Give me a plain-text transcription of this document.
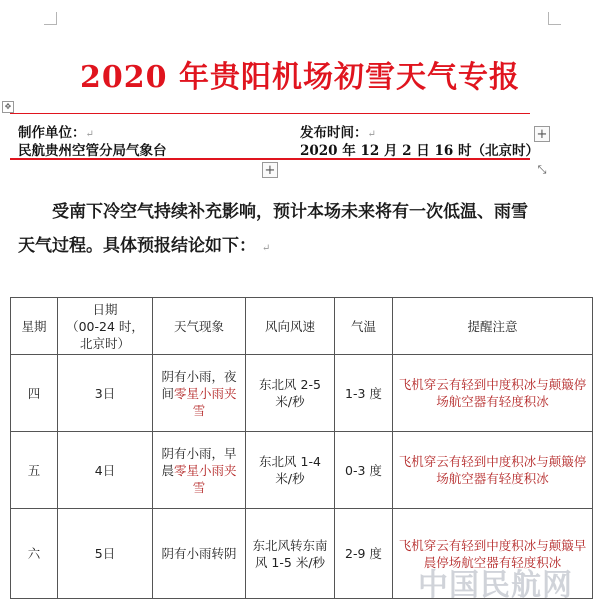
2020 年贵阳机场初雪天气专报
✥
制作单位：↵
民航贵州空管分局气象台
发布时间：↵
2020 年 12 月 2 日 16 时（北京时）
+
+	⤡
受南下冷空气持续补充影响，预计本场未来将有一次低温、雨雪
天气过程。具体预报结论如下： ↵
星期	日期
（00-24 时，
北京时）	天气现象	风向风速	气温	提醒注意
四	3日	阴有小雨，夜间零星小雨夹雪	东北风 2-5 米/秒	1-3 度	飞机穿云有轻到中度积冰与颠簸停场航空器有轻度积冰
五	4日	阴有小雨，早晨零星小雨夹雪	东北风 1-4 米/秒	0-3 度	飞机穿云有轻到中度积冰与颠簸停场航空器有轻度积冰
六	5日	阴有小雨转阴	东北风转东南风 1-5 米/秒	2-9 度	飞机穿云有轻到中度积冰与颠簸早晨停场航空器有轻度积冰
中国民航网
